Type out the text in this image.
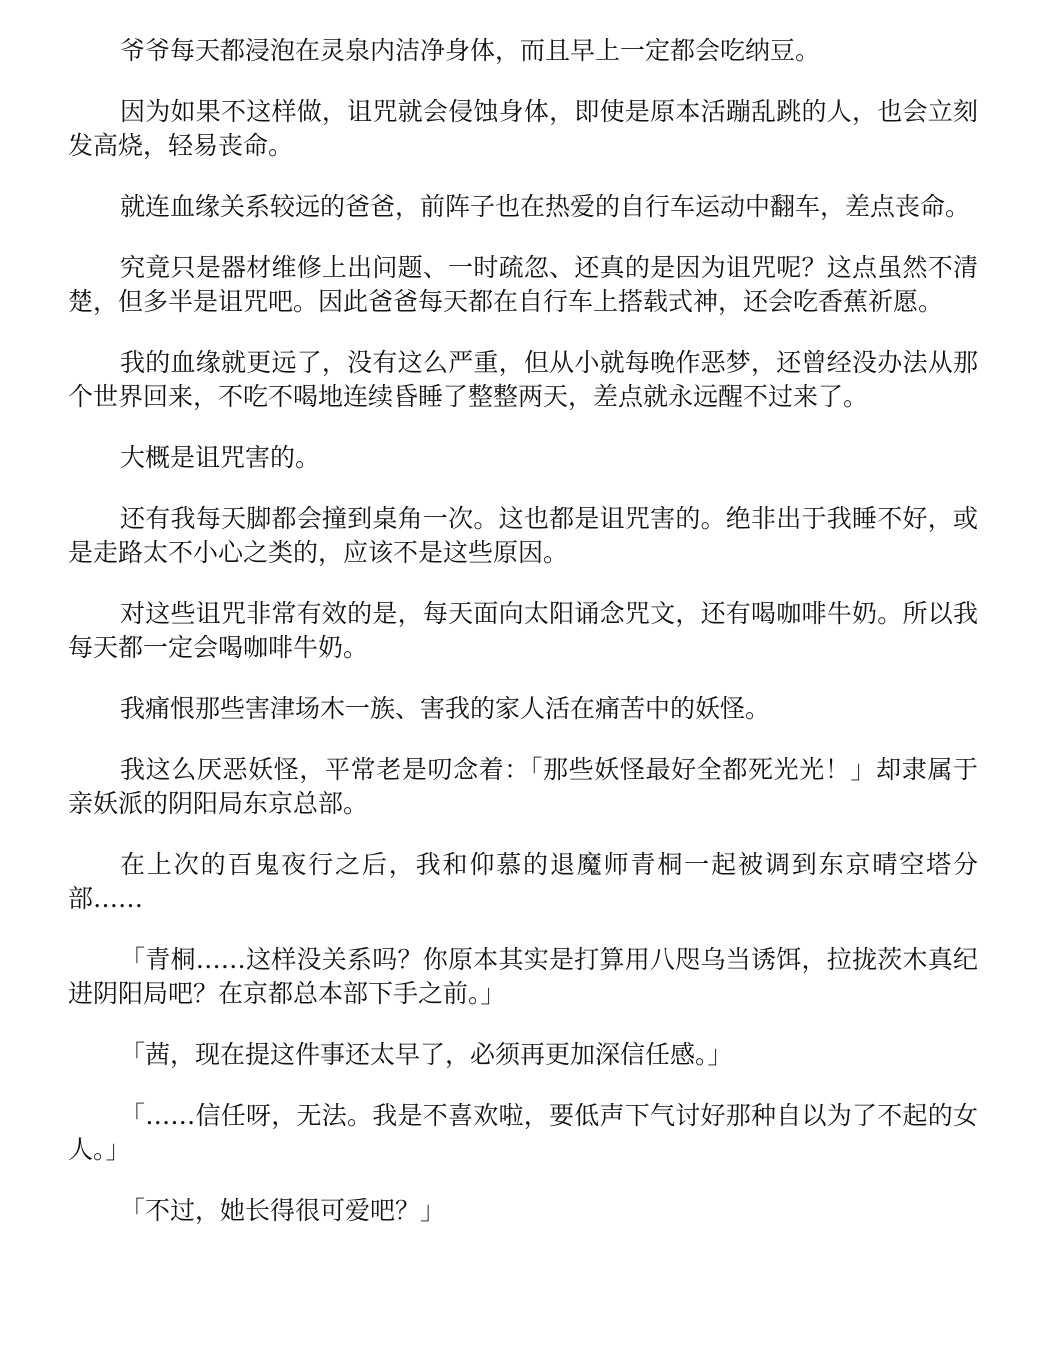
爷爷每天都浸泡在灵泉内洁净身体，而且早上一定都会吃纳豆。

因为如果不这样做，诅咒就会侵蚀身体，即使是原本活蹦乱跳的人，也会立刻发高烧，轻易丧命。

就连血缘关系较远的爸爸，前阵子也在热爱的自行车运动中翻车，差点丧命。

究竟只是器材维修上出问题、一时疏忽、还真的是因为诅咒呢？这点虽然不清楚，但多半是诅咒吧。因此爸爸每天都在自行车上搭载式神，还会吃香蕉祈愿。

我的血缘就更远了，没有这么严重，但从小就每晚作恶梦，还曾经没办法从那个世界回来，不吃不喝地连续昏睡了整整两天，差点就永远醒不过来了。

大概是诅咒害的。

还有我每天脚都会撞到桌角一次。这也都是诅咒害的。绝非出于我睡不好，或是走路太不小心之类的，应该不是这些原因。

对这些诅咒非常有效的是，每天面向太阳诵念咒文，还有喝咖啡牛奶。所以我每天都一定会喝咖啡牛奶。

我痛恨那些害津场木一族、害我的家人活在痛苦中的妖怪。

我这么厌恶妖怪，平常老是叨念着：「那些妖怪最好全都死光光！」却隶属于亲妖派的阴阳局东京总部。

在上次的百鬼夜行之后，我和仰慕的退魔师青桐一起被调到东京晴空塔分部……

「青桐……这样没关系吗？你原本其实是打算用八咫乌当诱饵，拉拢茨木真纪进阴阳局吧？在京都总本部下手之前。」

「茜，现在提这件事还太早了，必须再更加深信任感。」

「……信任呀，无法。我是不喜欢啦，要低声下气讨好那种自以为了不起的女人。」

「不过，她长得很可爱吧？」
